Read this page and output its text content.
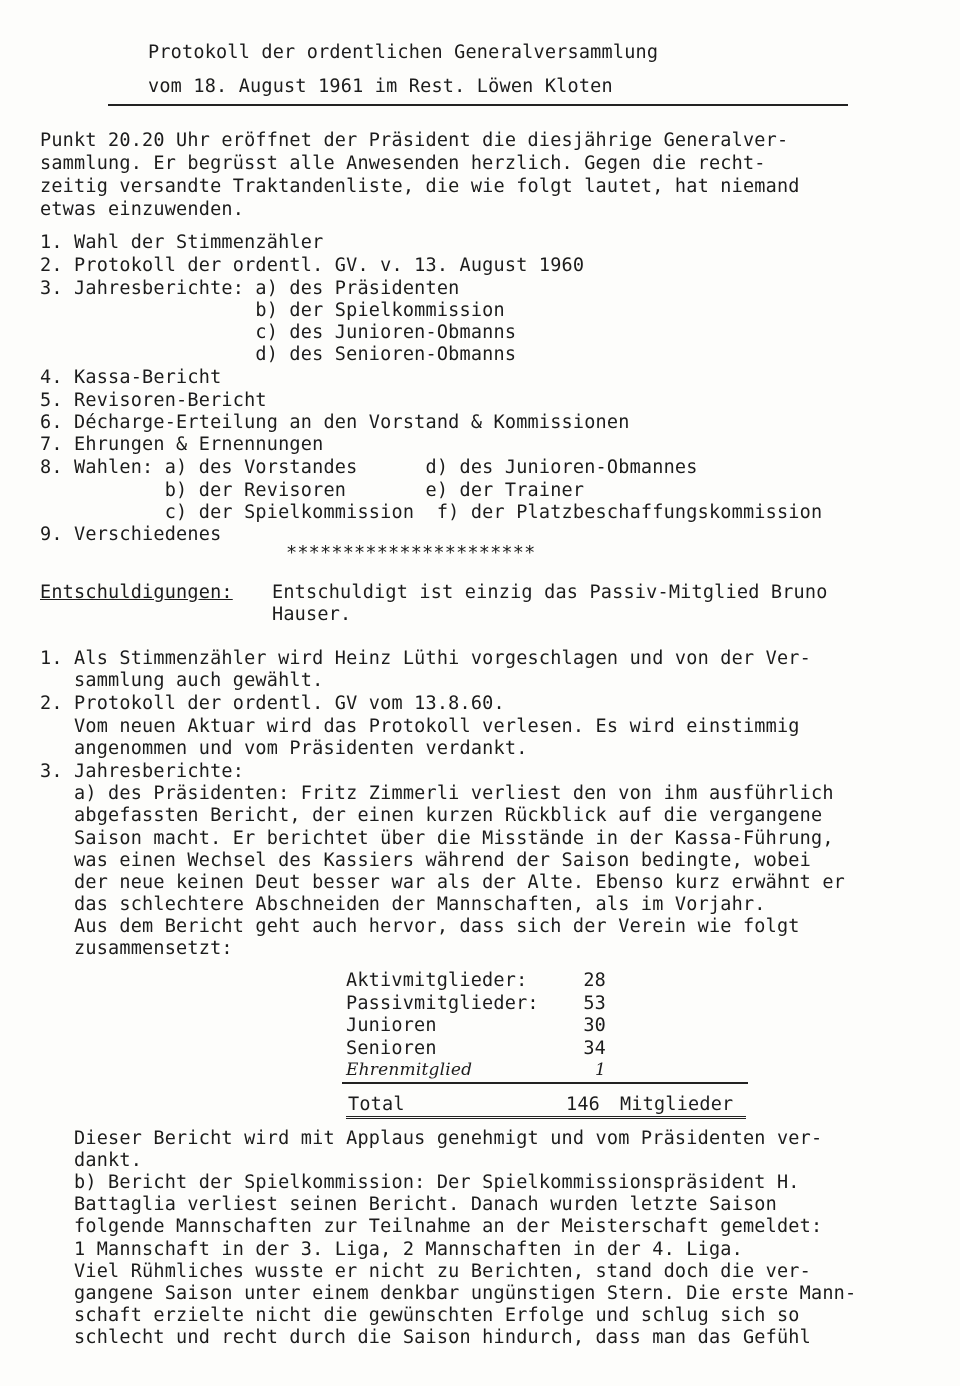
Protokoll der ordentlichen Generalversammlung
vom 18. August 1961 im Rest. Löwen Kloten
Punkt 20.20 Uhr eröffnet der Präsident die diesjährige Generalver-
sammlung. Er begrüsst alle Anwesenden herzlich. Gegen die recht-
zeitig versandte Traktandenliste, die wie folgt lautet, hat niemand
etwas einzuwenden.
1. Wahl der Stimmenzähler
2. Protokoll der ordentl. GV. v. 13. August 1960
3. Jahresberichte: a) des Präsidenten
b) der Spielkommission
c) des Junioren-Obmanns
d) des Senioren-Obmanns
4. Kassa-Bericht
5. Revisoren-Bericht
6. Décharge-Erteilung an den Vorstand & Kommissionen
7. Ehrungen & Ernennungen
8. Wahlen: a) des Vorstandes      d) des Junioren-Obmannes
b) der Revisoren       e) der Trainer
c) der Spielkommission  f) der Platzbeschaffungskommission
9. Verschiedenes
**********************
Entschuldigungen: Entschuldigt ist einzig das Passiv-Mitglied Bruno
Hauser.
1. Als Stimmenzähler wird Heinz Lüthi vorgeschlagen und von der Ver-
sammlung auch gewählt.
2. Protokoll der ordentl. GV vom 13.8.60.
Vom neuen Aktuar wird das Protokoll verlesen. Es wird einstimmig
angenommen und vom Präsidenten verdankt.
3. Jahresberichte:
a) des Präsidenten: Fritz Zimmerli verliest den von ihm ausführlich
abgefassten Bericht, der einen kurzen Rückblick auf die vergangene
Saison macht. Er berichtet über die Misstände in der Kassa-Führung,
was einen Wechsel des Kassiers während der Saison bedingte, wobei
der neue keinen Deut besser war als der Alte. Ebenso kurz erwähnt er
das schlechtere Abschneiden der Mannschaften, als im Vorjahr.
Aus dem Bericht geht auch hervor, dass sich der Verein wie folgt
zusammensetzt:
Aktivmitglieder:	28
Passivmitglieder:	53
Junioren	30
Senioren	34
Ehrenmitglied	1
Total	146 Mitglieder
Dieser Bericht wird mit Applaus genehmigt und vom Präsidenten ver-
dankt.
b) Bericht der Spielkommission: Der Spielkommissionspräsident H.
Battaglia verliest seinen Bericht. Danach wurden letzte Saison
folgende Mannschaften zur Teilnahme an der Meisterschaft gemeldet:
1 Mannschaft in der 3. Liga, 2 Mannschaften in der 4. Liga.
Viel Rühmliches wusste er nicht zu Berichten, stand doch die ver-
gangene Saison unter einem denkbar ungünstigen Stern. Die erste Mann-
schaft erzielte nicht die gewünschten Erfolge und schlug sich so
schlecht und recht durch die Saison hindurch, dass man das Gefühl
